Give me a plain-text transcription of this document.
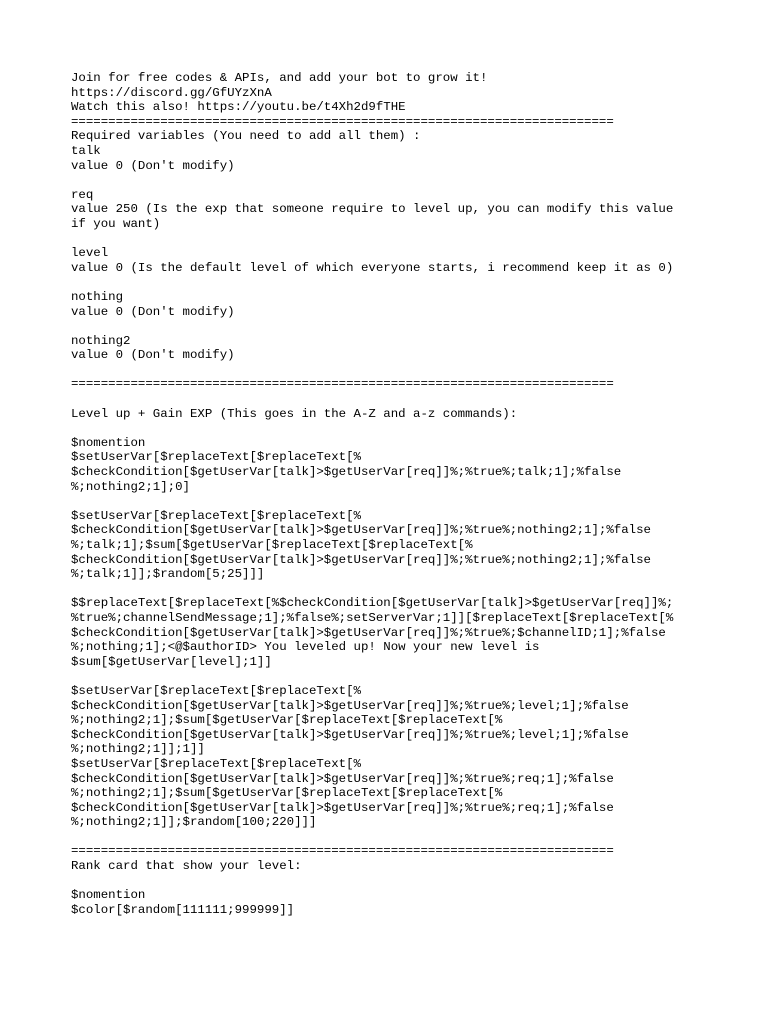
Join for free codes & APIs, and add your bot to grow it!
https://discord.gg/GfUYzXnA
Watch this also! https://youtu.be/t4Xh2d9fTHE
=========================================================================
Required variables (You need to add all them) :
talk
value 0 (Don't modify)
req
value 250 (Is the exp that someone require to level up, you can modify this value
if you want)
level
value 0 (Is the default level of which everyone starts, i recommend keep it as 0)
nothing
value 0 (Don't modify)
nothing2
value 0 (Don't modify)
=========================================================================
Level up + Gain EXP (This goes in the A-Z and a-z commands):
$nomention
$setUserVar[$replaceText[$replaceText[%
$checkCondition[$getUserVar[talk]>$getUserVar[req]]%;%true%;talk;1];%false
%;nothing2;1];0]
$setUserVar[$replaceText[$replaceText[%
$checkCondition[$getUserVar[talk]>$getUserVar[req]]%;%true%;nothing2;1];%false
%;talk;1];$sum[$getUserVar[$replaceText[$replaceText[%
$checkCondition[$getUserVar[talk]>$getUserVar[req]]%;%true%;nothing2;1];%false
%;talk;1]];$random[5;25]]]
$$replaceText[$replaceText[%$checkCondition[$getUserVar[talk]>$getUserVar[req]]%;
%true%;channelSendMessage;1];%false%;setServerVar;1]][$replaceText[$replaceText[%
$checkCondition[$getUserVar[talk]>$getUserVar[req]]%;%true%;$channelID;1];%false
%;nothing;1];<@$authorID> You leveled up! Now your new level is
$sum[$getUserVar[level];1]]
$setUserVar[$replaceText[$replaceText[%
$checkCondition[$getUserVar[talk]>$getUserVar[req]]%;%true%;level;1];%false
%;nothing2;1];$sum[$getUserVar[$replaceText[$replaceText[%
$checkCondition[$getUserVar[talk]>$getUserVar[req]]%;%true%;level;1];%false
%;nothing2;1]];1]]
$setUserVar[$replaceText[$replaceText[%
$checkCondition[$getUserVar[talk]>$getUserVar[req]]%;%true%;req;1];%false
%;nothing2;1];$sum[$getUserVar[$replaceText[$replaceText[%
$checkCondition[$getUserVar[talk]>$getUserVar[req]]%;%true%;req;1];%false
%;nothing2;1]];$random[100;220]]]
=========================================================================
Rank card that show your level:
$nomention
$color[$random[111111;999999]]
